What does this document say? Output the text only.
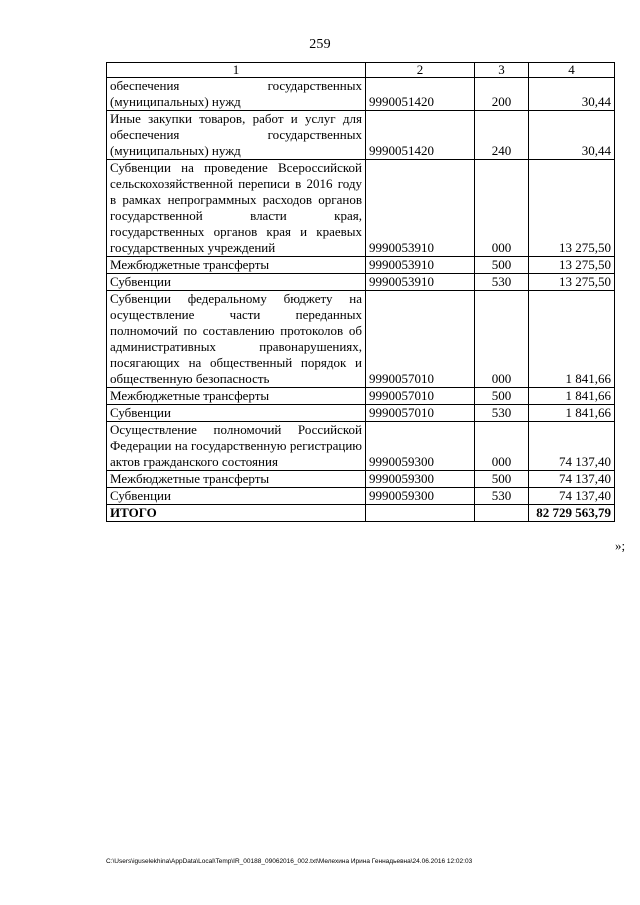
259
1	2	3	4
обеспечения государственных (муниципальных) нужд	9990051420	200	30,44
Иные закупки товаров, работ и услуг для обеспечения государственных (муниципальных) нужд	9990051420	240	30,44
Субвенции на проведение Всероссийской сельскохозяйственной переписи в 2016 году в рамках непрограммных расходов органов государственной власти края, государственных органов края и краевых государственных учреждений	9990053910	000	13 275,50
Межбюджетные трансферты	9990053910	500	13 275,50
Субвенции	9990053910	530	13 275,50
Субвенции федеральному бюджету на осуществление части переданных полномочий по составлению протоколов об административных правонарушениях, посягающих на общественный порядок и общественную безопасность	9990057010	000	1 841,66
Межбюджетные трансферты	9990057010	500	1 841,66
Субвенции	9990057010	530	1 841,66
Осуществление полномочий Российской Федерации на государственную регистрацию актов гражданского состояния	9990059300	000	74 137,40
Межбюджетные трансферты	9990059300	500	74 137,40
Субвенции	9990059300	530	74 137,40
ИТОГО			82 729 563,79
»;
C:\Users\iguselekhina\AppData\Local\Temp\IR_00188_09062016_002.txt\Мелехина Ирина Геннадьевна\24.06.2016 12:02:03
